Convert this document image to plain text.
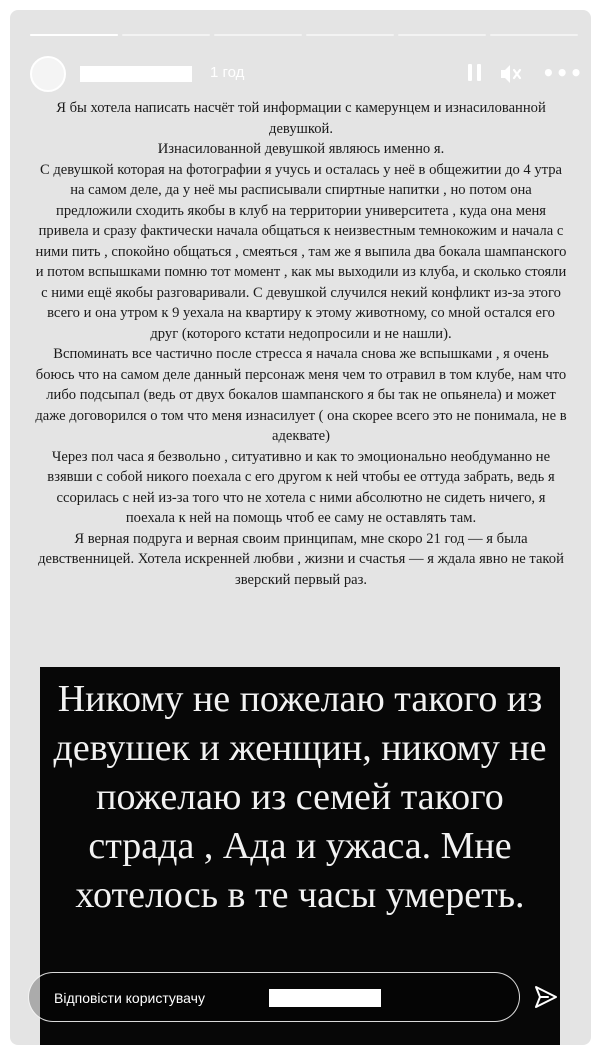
1 год	•••

Я бы хотела написать насчёт той информации с камерунцем и изнасилованной девушкой.

Изнасилованной девушкой являюсь именно я.

С девушкой которая на фотографии я учусь и осталась у неё в общежитии до 4 утра на самом деле, да у неё мы расписывали спиртные напитки , но потом она предложили сходить якобы в клуб на территории университета , куда она меня привела и сразу фактически начала общаться к неизвестным темнокожим и начала с ними пить , спокойно общаться , смеяться , там же я выпила два бокала шампанского и потом вспышками помню тот момент , как мы выходили из клуба, и сколько стояли с ними ещё якобы разговаривали. С девушкой случился некий конфликт из-за этого всего и она утром к 9 уехала на квартиру к этому животному, со мной остался его друг (которого кстати недопросили и не нашли).

Вспоминать все частично после стресса я начала снова же вспышками , я очень боюсь что на самом деле данный персонаж меня чем то отравил в том клубе, нам что либо подсыпал (ведь от двух бокалов шампанского я бы так не опьянела) и может даже договорился о том что меня изнасилует ( она скорее всего это не понимала, не в адеквате)

Через пол часа я безвольно , ситуативно и как то эмоционально необдуманно не взявши с собой никого поехала с его другом к ней чтобы ее оттуда забрать, ведь я ссорилась с ней из-за того что не хотела с ними абсолютно не сидеть ничего, я поехала к ней на помощь чтоб ее саму не оставлять там.

Я верная подруга и верная своим принципам, мне скоро 21 год — я была девственницей. Хотела искренней любви , жизни и счастья — я ждала явно не такой зверский первый раз.

Никому не пожелаю такого из девушек и женщин, никому не пожелаю из семей такого страда , Ада и ужаса. Мне хотелось в те часы умереть.
Відповісти користувачу
